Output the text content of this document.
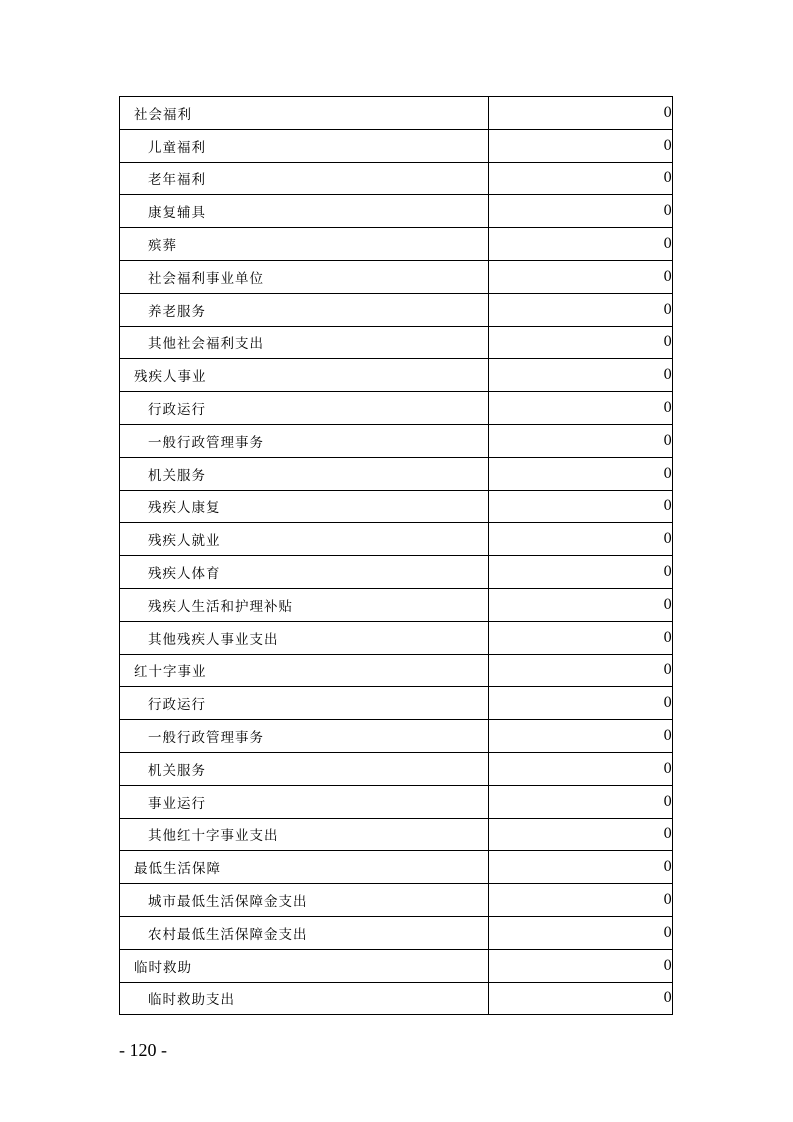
社会福利	0
儿童福利	0
老年福利	0
康复辅具	0
殡葬	0
社会福利事业单位	0
养老服务	0
其他社会福利支出	0
残疾人事业	0
行政运行	0
一般行政管理事务	0
机关服务	0
残疾人康复	0
残疾人就业	0
残疾人体育	0
残疾人生活和护理补贴	0
其他残疾人事业支出	0
红十字事业	0
行政运行	0
一般行政管理事务	0
机关服务	0
事业运行	0
其他红十字事业支出	0
最低生活保障	0
城市最低生活保障金支出	0
农村最低生活保障金支出	0
临时救助	0
临时救助支出	0
- 120 -
